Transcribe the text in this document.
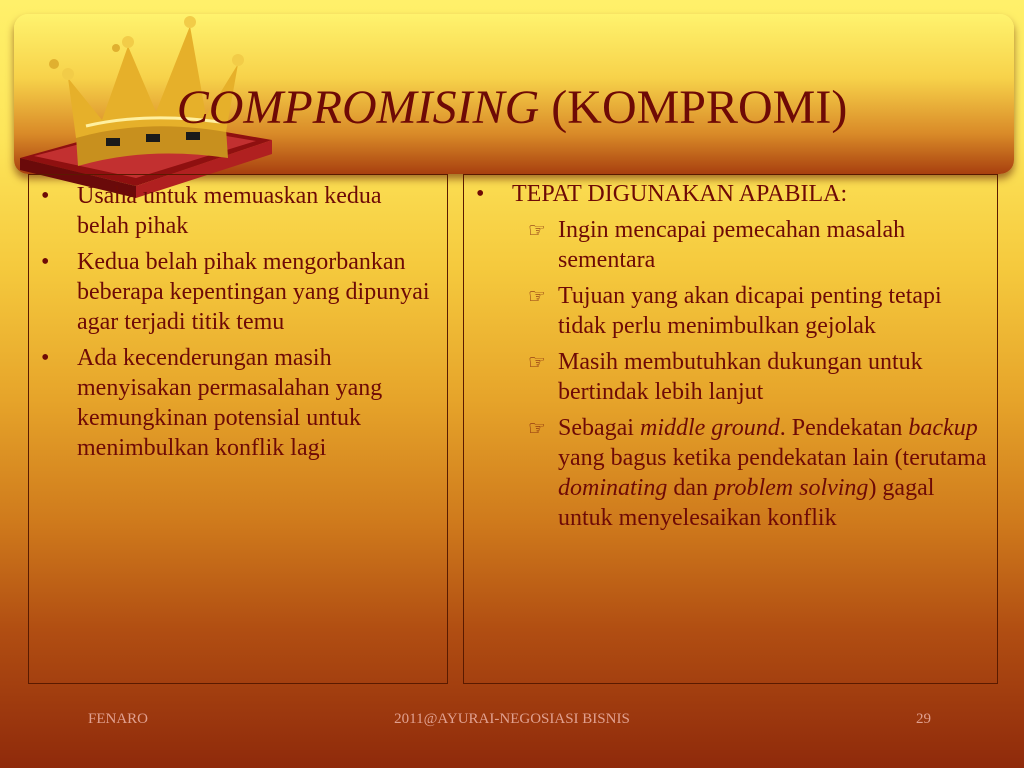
COMPROMISING (KOMPROMI)
•	Usaha untuk memuaskan kedua belah pihak
•	Kedua belah pihak mengorbankan beberapa kepentingan yang dipunyai agar terjadi titik temu
•	Ada kecenderungan masih menyisakan permasalahan yang kemungkinan potensial untuk menimbulkan konflik lagi
•	TEPAT DIGUNAKAN APABILA:
☞ Ingin mencapai pemecahan masalah sementara
☞ Tujuan yang akan dicapai penting tetapi tidak perlu menimbulkan gejolak
☞ Masih membutuhkan dukungan untuk bertindak lebih lanjut
☞ Sebagai middle ground. Pendekatan backup yang bagus ketika pendekatan lain (terutama dominating dan problem solving) gagal untuk menyelesaikan konflik
FENARO	2011@AYURAI-NEGOSIASI BISNIS	29
